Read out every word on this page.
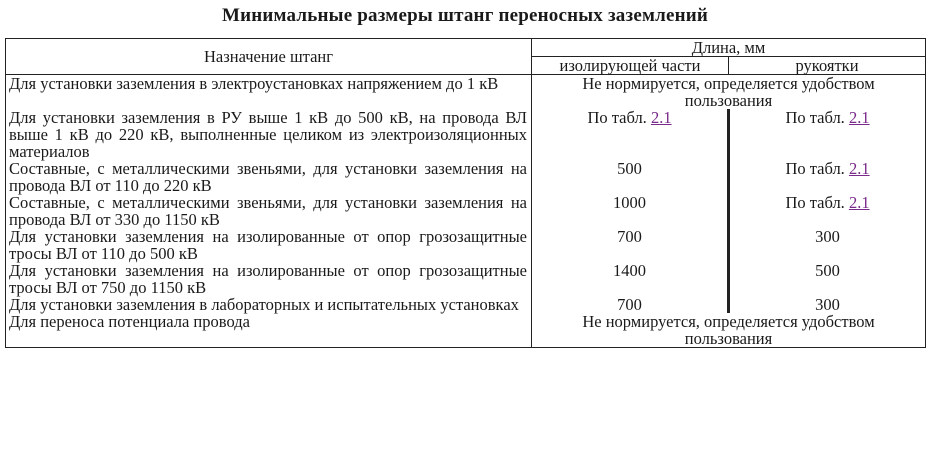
Минимальные размеры штанг переносных заземлений
Назначение штанг	Длина, мм	
	изолирующей части	рукоятки
Для установки заземления в электроустановках напряжением до 1 кВ	Не нормируется, определяется удобством пользования	
Для установки заземления в РУ выше 1 кВ до 500 кВ, на провода ВЛ выше 1 кВ до 220 кВ, выполненные целиком из электроизоляционных материалов	По табл. 2.1	По табл. 2.1
Составные, с металлическими звеньями, для установки заземления на провода ВЛ от 110 до 220 кВ	500	По табл. 2.1
Составные, с металлическими звеньями, для установки заземления на провода ВЛ от 330 до 1150 кВ	1000	По табл. 2.1
Для установки заземления на изолированные от опор грозозащитные тросы ВЛ от 110 до 500 кВ	700	300
Для установки заземления на изолированные от опор грозозащитные тросы ВЛ от 750 до 1150 кВ	1400	500
Для установки заземления в лабораторных и испытательных установках	700	300
Для переноса потенциала провода	Не нормируется, определяется удобством пользования	
